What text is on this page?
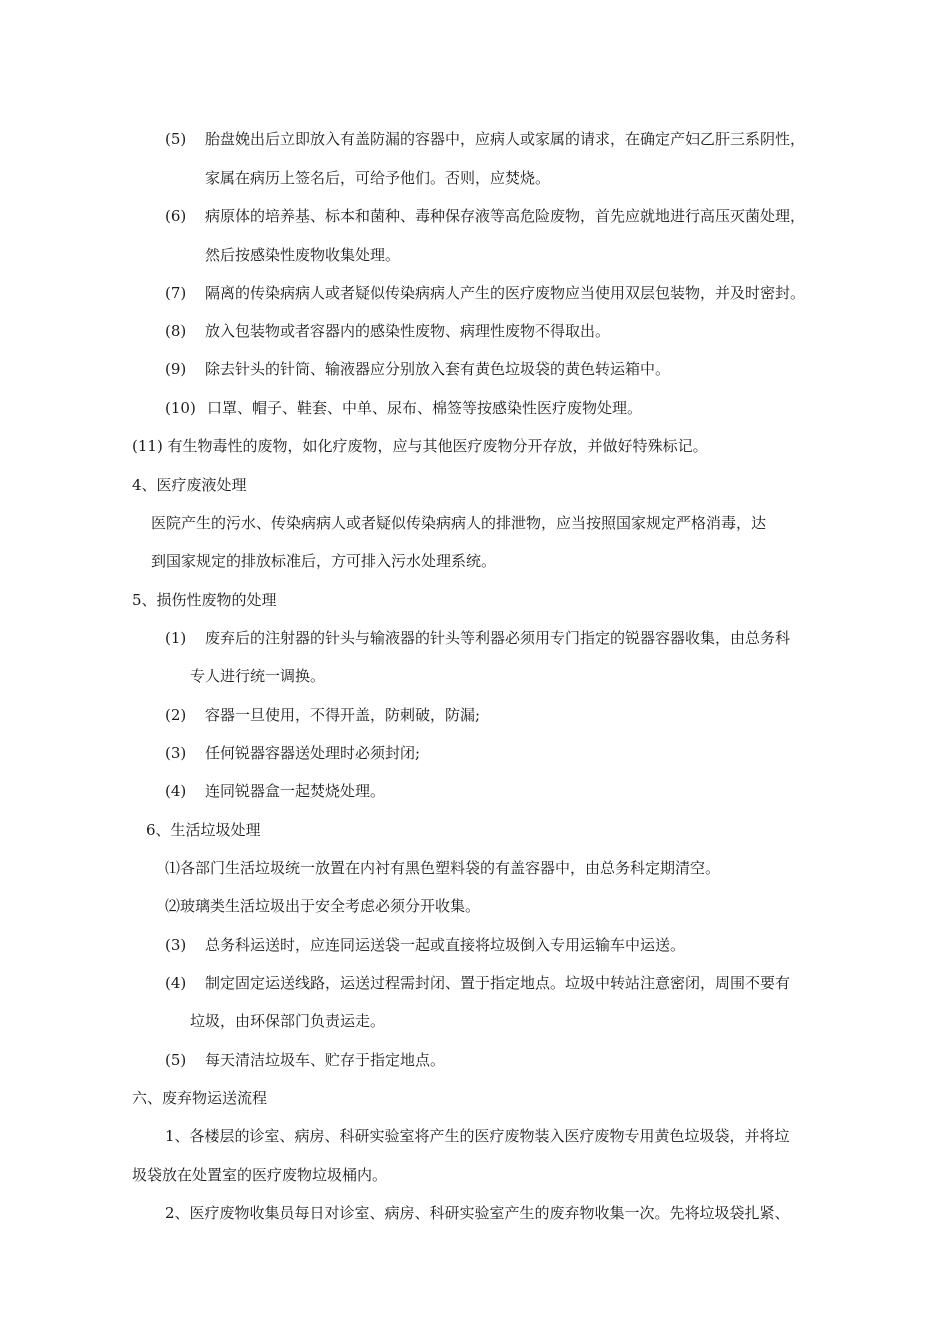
(5) 胎盘娩出后立即放入有盖防漏的容器中，应病人或家属的请求，在确定产妇乙肝三系阴性，
家属在病历上签名后，可给予他们。否则，应焚烧。
(6) 病原体的培养基、标本和菌种、毒种保存液等高危险废物，首先应就地进行高压灭菌处理，
然后按感染性废物收集处理。
(7) 隔离的传染病病人或者疑似传染病病人产生的医疗废物应当使用双层包装物，并及时密封。
(8) 放入包装物或者容器内的感染性废物、病理性废物不得取出。
(9) 除去针头的针筒、输液器应分别放入套有黄色垃圾袋的黄色转运箱中。
(10) 口罩、帽子、鞋套、中单、尿布、棉签等按感染性医疗废物处理。
(11) 有生物毒性的废物，如化疗废物，应与其他医疗废物分开存放，并做好特殊标记。
4、医疗废液处理
医院产生的污水、传染病病人或者疑似传染病病人的排泄物，应当按照国家规定严格消毒，达
到国家规定的排放标准后，方可排入污水处理系统。
5、损伤性废物的处理
(1) 废弃后的注射器的针头与输液器的针头等利器必须用专门指定的锐器容器收集，由总务科
专人进行统一调换。
(2) 容器一旦使用，不得开盖，防刺破，防漏;
(3) 任何锐器容器送处理时必须封闭;
(4) 连同锐器盒一起焚烧处理。
6、生活垃圾处理
⑴各部门生活垃圾统一放置在内衬有黑色塑料袋的有盖容器中，由总务科定期清空。
⑵玻璃类生活垃圾出于安全考虑必须分开收集。
(3) 总务科运送时，应连同运送袋一起或直接将垃圾倒入专用运输车中运送。
(4) 制定固定运送线路，运送过程需封闭、置于指定地点。垃圾中转站注意密闭，周围不要有
垃圾，由环保部门负责运走。
(5) 每天清洁垃圾车、贮存于指定地点。
六、废弃物运送流程
1、各楼层的诊室、病房、科研实验室将产生的医疗废物装入医疗废物专用黄色垃圾袋，并将垃
圾袋放在处置室的医疗废物垃圾桶内。
2、医疗废物收集员每日对诊室、病房、科研实验室产生的废弃物收集一次。先将垃圾袋扎紧、
